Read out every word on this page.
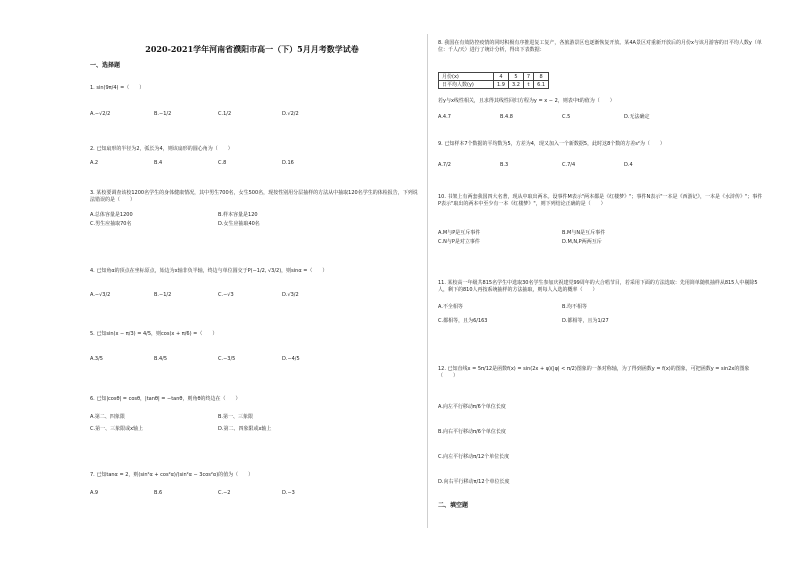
2020-2021学年河南省濮阳市高一（下）5月月考数学试卷
一、选择题
1. sin(9π/4) =（　　）
A.−√2/2	B.−1/2	C.1/2	D.√2/2
2. 已知扇形的半径为2，弧长为4，则该扇形的圆心角为（　　）
A.2	B.4	C.8	D.16
3. 某校要调查该校1200名学生的身体健康情况，其中男生700名，女生500名，现按性别用分层抽样的方法从中抽取120名学生的体检报告，下列说法错误的是（　　）
A.总体容量是1200	B.样本容量是120
C.男生应抽取70名	D.女生应抽取40名
4. 已知角α的顶点在坐标原点，始边为x轴非负半轴，终边与单位圆交于P(−1/2, √3/2)，则sinα =（　　）
A.−√3/2	B.−1/2	C.−√3	D.√3/2
5. 已知sin(x − π/3) = 4/5，则cos(x + π/6) =（　　）
A.3/5	B.4/5	C.−3/5	D.−4/5
6. 已知|cosθ| = cosθ，|tanθ| = −tanθ，则角θ的终边在（　　）
A.第二、四象限	B.第一、三象限
C.第一、三象限或x轴上	D.第二、四象限或x轴上
7. 已知tanα = 2，则(sin²α + cos²α)/(sin²α − 3cos²α)的值为（　　）
A.9	B.6	C.−2	D.−3
8. 我国在有效防控疫情的同时积极有序推进复工复产，各旅游景区也逐渐恢复开放。某4A景区对重新开放后的月份x与该月游客的日平均人数y（单位：千人/天）进行了统计分析，得出下表数据：
月份(x)	4	5	7	8
日平均人数(y)	1.9	3.2	t	6.1
若y与x线性相关，且求得其线性回归方程为y = x − 2，则表中t的值为（　　）
A.4.7	B.4.8	C.5	D.无法确定
9. 已知样本7个数据的平均数为5，方差为4，现又加入一个新数据5，此时这8个数的方差s²为（　　）
A.7/2	B.3	C.7/4	D.4
10. 书架上有两套我国四大名著，现从中取出两本。设事件M表示"两本都是《红楼梦》"；事件N表示"一本是《西游记》，一本是《水浒传》"；事件P表示"取出的两本中至少有一本《红楼梦》"，则下列结论正确的是（　　）
A.M与P是互斥事件	B.M与N是互斥事件
C.N与P是对立事件	D.M,N,P两两互斥
11. 某校高一年级共815名学生中选取30名学生参加庆祝建党99周年的大合唱节目，若采用下面的方法选取：先用简单随机抽样从815人中剔除5人，剩下的810人再按系统抽样的方法抽取，则每人入选的概率（　　）
A.不全相等	B.均不相等
C.都相等，且为6/163	D.都相等，且为1/27
12. 已知直线x = 5π/12是函数f(x) = sin(2x + φ)(|φ| < π/2)图象的一条对称轴，为了得到函数y = f(x)的图象，可把函数y = sin2x的图象（　　）
A.向左平行移动π/6个单位长度
B.向右平行移动π/6个单位长度
C.向左平行移动π/12个单位长度
D.向右平行移动π/12个单位长度
二、填空题
